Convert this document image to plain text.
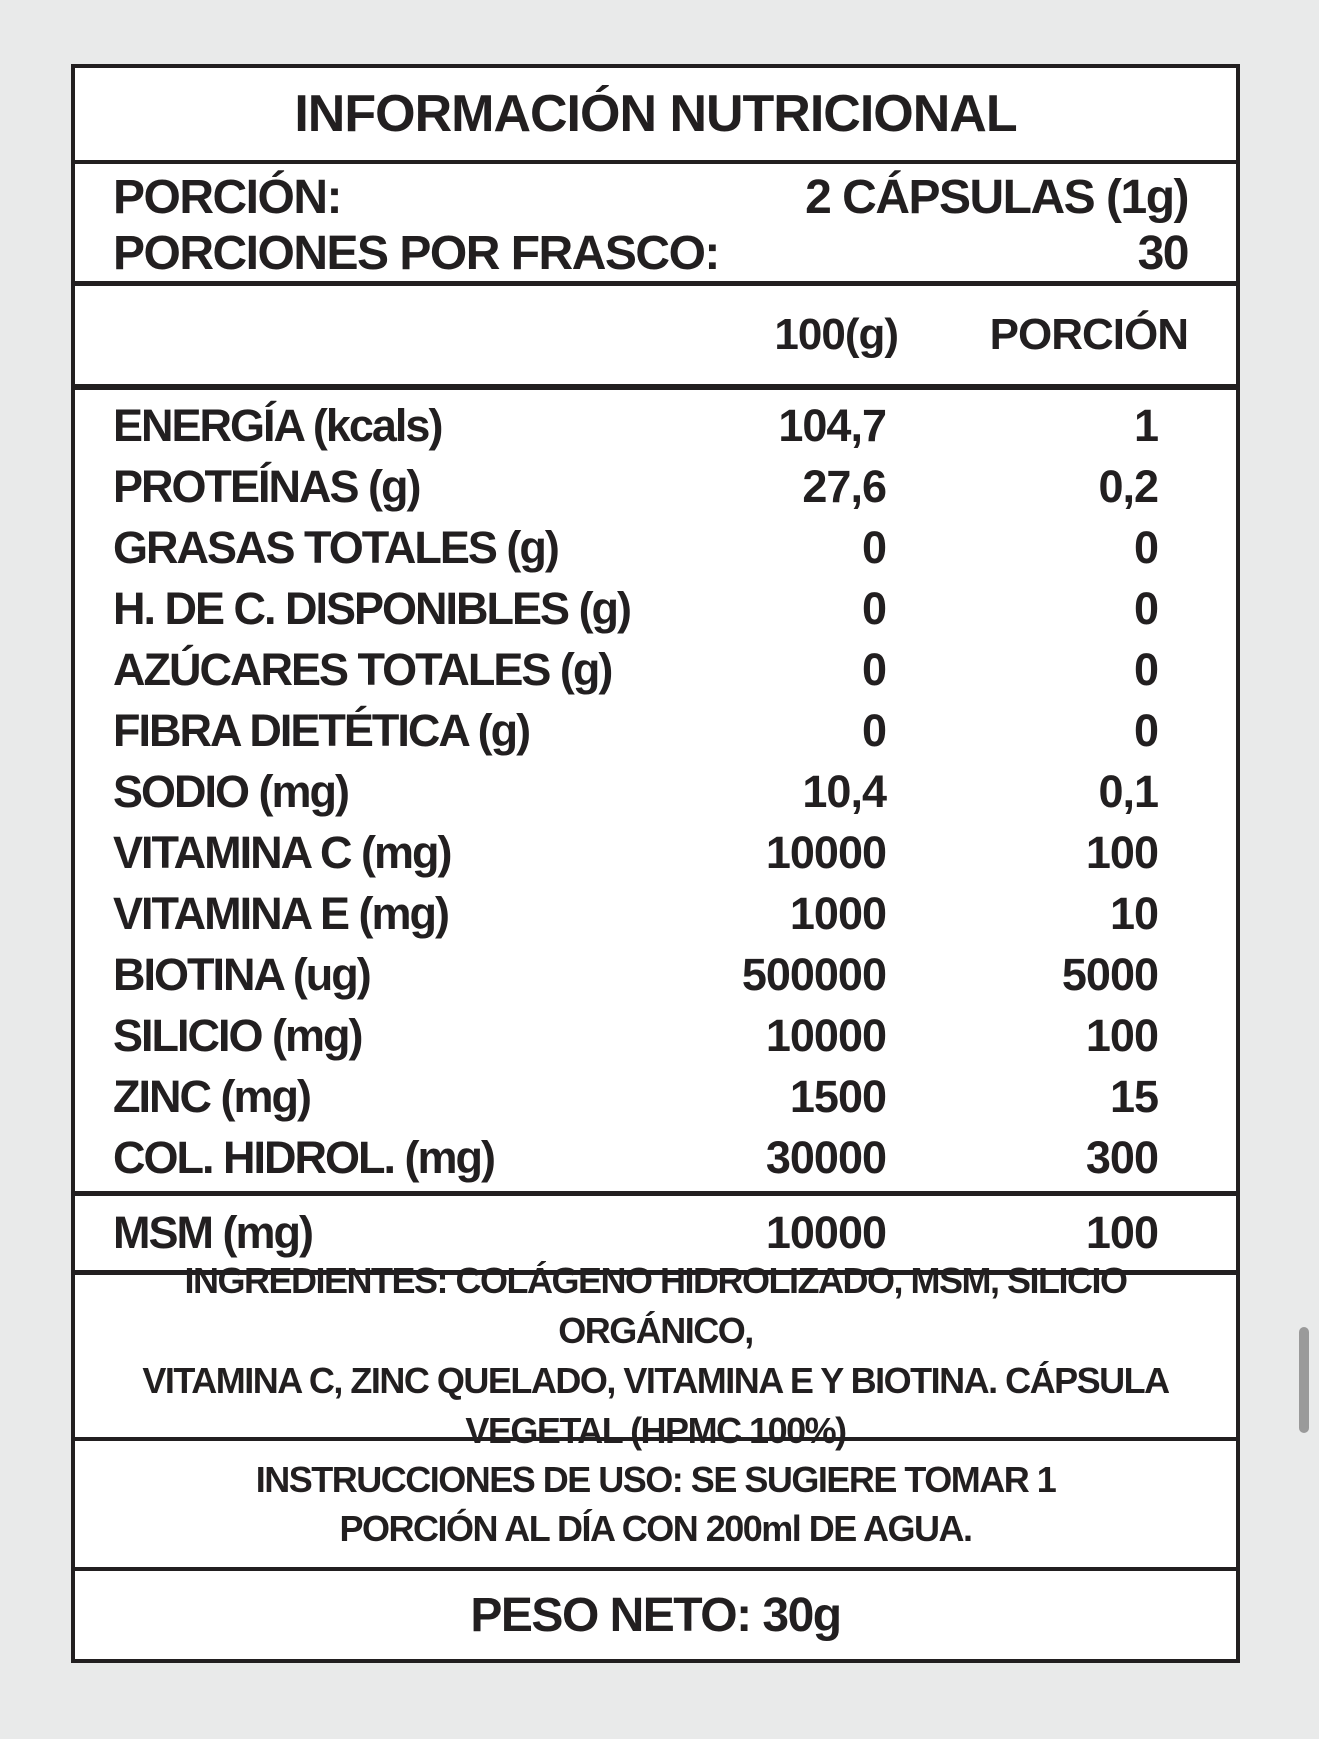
INFORMACIÓN NUTRICIONAL
PORCIÓN:	2 CÁPSULAS (1g)
PORCIONES POR FRASCO:	30
100(g)	PORCIÓN
ENERGÍA (kcals)	104,7	1
PROTEÍNAS (g)	27,6	0,2
GRASAS TOTALES (g)	0	0
H. DE C. DISPONIBLES (g)	0	0
AZÚCARES TOTALES (g)	0	0
FIBRA DIETÉTICA (g)	0	0
SODIO (mg)	10,4	0,1
VITAMINA C (mg)	10000	100
VITAMINA E (mg)	1000	10
BIOTINA (ug)	500000	5000
SILICIO (mg)	10000	100
ZINC (mg)	1500	15
COL. HIDROL. (mg)	30000	300
MSM (mg)	10000	100
INGREDIENTES: COLÁGENO HIDROLIZADO, MSM, SILICIO ORGÁNICO,
VITAMINA C, ZINC QUELADO, VITAMINA E Y BIOTINA. CÁPSULA
VEGETAL (HPMC 100%)
INSTRUCCIONES DE USO: SE SUGIERE TOMAR 1
PORCIÓN AL DÍA CON 200ml DE AGUA.
PESO NETO: 30g
